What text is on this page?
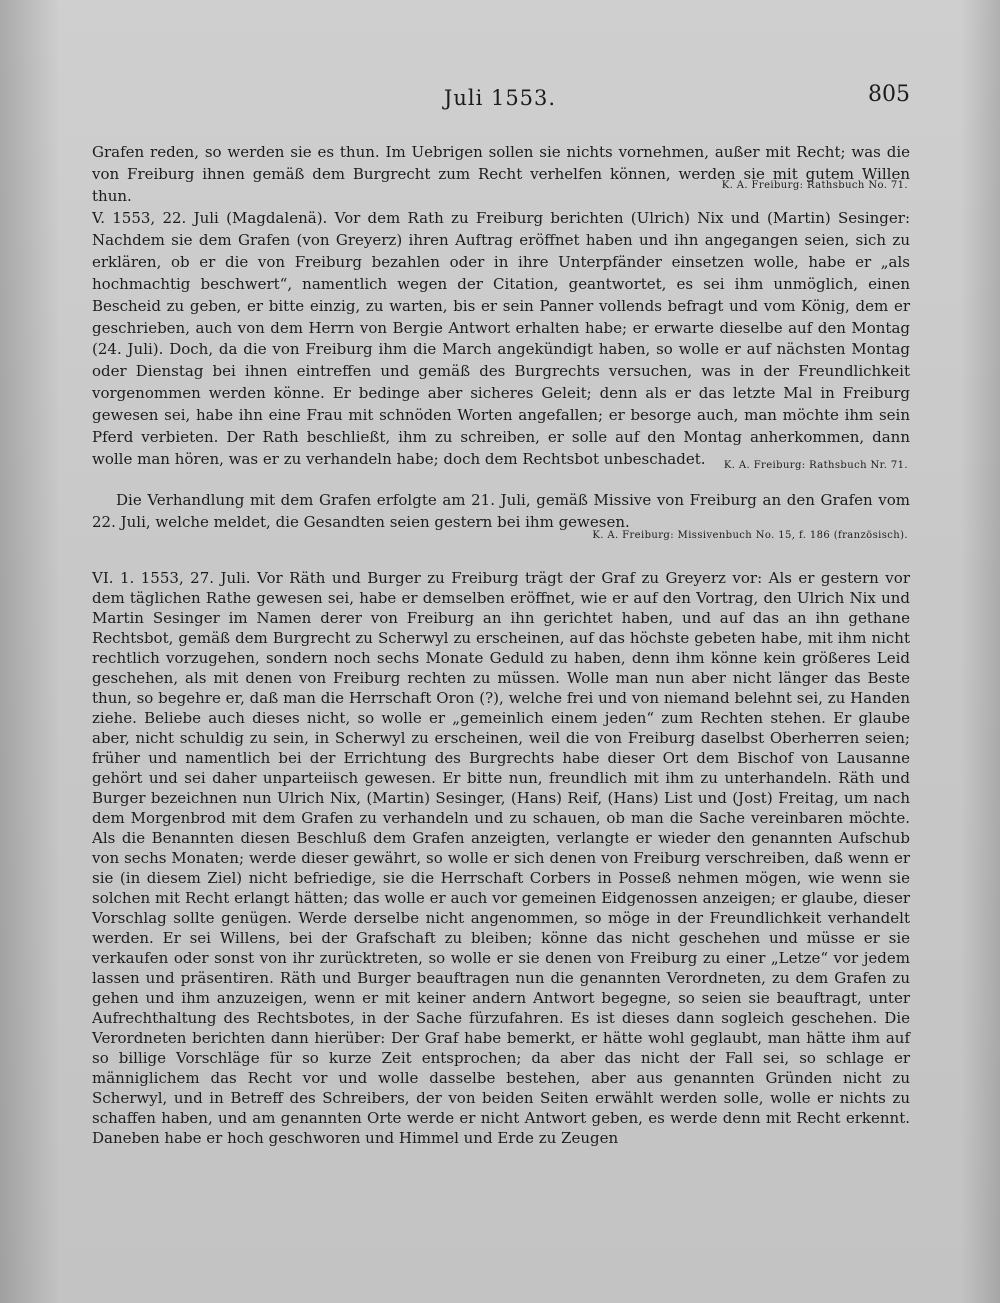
Juli 1553.	805

Grafen reden, so werden sie es thun. Im Uebrigen sollen sie nichts vornehmen, außer mit Recht; was die von Freiburg ihnen gemäß dem Burgrecht zum Recht verhelfen können, werden sie mit gutem Willen thun.

K. A. Freiburg: Rathsbuch No. 71.

V. 1553, 22. Juli (Magdalenä). Vor dem Rath zu Freiburg berichten (Ulrich) Nix und (Martin) Sesinger: Nachdem sie dem Grafen (von Greyerz) ihren Auftrag eröffnet haben und ihn angegangen seien, sich zu erklären, ob er die von Freiburg bezahlen oder in ihre Unterpfänder einsetzen wolle, habe er „als hochmachtig beschwert“, namentlich wegen der Citation, geantwortet, es sei ihm unmöglich, einen Bescheid zu geben, er bitte einzig, zu warten, bis er sein Panner vollends befragt und vom König, dem er geschrieben, auch von dem Herrn von Bergie Antwort erhalten habe; er erwarte dieselbe auf den Montag (24. Juli). Doch, da die von Freiburg ihm die March angekündigt haben, so wolle er auf nächsten Montag oder Dienstag bei ihnen eintreffen und gemäß des Burgrechts versuchen, was in der Freundlichkeit vorgenommen werden könne. Er bedinge aber sicheres Geleit; denn als er das letzte Mal in Freiburg gewesen sei, habe ihn eine Frau mit schnöden Worten angefallen; er besorge auch, man möchte ihm sein Pferd verbieten. Der Rath beschließt, ihm zu schreiben, er solle auf den Montag anherkommen, dann wolle man hören, was er zu verhandeln habe; doch dem Rechtsbot unbeschadet.	K. A. Freiburg: Rathsbuch Nr. 71.

Die Verhandlung mit dem Grafen erfolgte am 21. Juli, gemäß Missive von Freiburg an den Grafen vom 22. Juli, welche meldet, die Gesandten seien gestern bei ihm gewesen.

K. A. Freiburg: Missivenbuch No. 15, f. 186 (französisch).

VI. 1. 1553, 27. Juli. Vor Räth und Burger zu Freiburg trägt der Graf zu Greyerz vor: Als er gestern vor dem täglichen Rathe gewesen sei, habe er demselben eröffnet, wie er auf den Vortrag, den Ulrich Nix und Martin Sesinger im Namen derer von Freiburg an ihn gerichtet haben, und auf das an ihn gethane Rechtsbot, gemäß dem Burgrecht zu Scherwyl zu erscheinen, auf das höchste gebeten habe, mit ihm nicht rechtlich vorzugehen, sondern noch sechs Monate Geduld zu haben, denn ihm könne kein größeres Leid geschehen, als mit denen von Freiburg rechten zu müssen. Wolle man nun aber nicht länger das Beste thun, so begehre er, daß man die Herrschaft Oron (?), welche frei und von niemand belehnt sei, zu Handen ziehe. Beliebe auch dieses nicht, so wolle er „gemeinlich einem jeden“ zum Rechten stehen. Er glaube aber, nicht schuldig zu sein, in Scherwyl zu erscheinen, weil die von Freiburg daselbst Oberherren seien; früher und namentlich bei der Errichtung des Burgrechts habe dieser Ort dem Bischof von Lausanne gehört und sei daher unparteiisch gewesen. Er bitte nun, freundlich mit ihm zu unterhandeln. Räth und Burger bezeichnen nun Ulrich Nix, (Martin) Sesinger, (Hans) Reif, (Hans) List und (Jost) Freitag, um nach dem Morgenbrod mit dem Grafen zu verhandeln und zu schauen, ob man die Sache vereinbaren möchte. Als die Benannten diesen Beschluß dem Grafen anzeigten, verlangte er wieder den genannten Aufschub von sechs Monaten; werde dieser gewährt, so wolle er sich denen von Freiburg verschreiben, daß wenn er sie (in diesem Ziel) nicht befriedige, sie die Herrschaft Corbers in Posseß nehmen mögen, wie wenn sie solchen mit Recht erlangt hätten; das wolle er auch vor gemeinen Eidgenossen anzeigen; er glaube, dieser Vorschlag sollte genügen. Werde derselbe nicht angenommen, so möge in der Freundlichkeit verhandelt werden. Er sei Willens, bei der Grafschaft zu bleiben; könne das nicht geschehen und müsse er sie verkaufen oder sonst von ihr zurücktreten, so wolle er sie denen von Freiburg zu einer „Letze“ vor jedem lassen und präsentiren. Räth und Burger beauftragen nun die genannten Verordneten, zu dem Grafen zu gehen und ihm anzuzeigen, wenn er mit keiner andern Antwort begegne, so seien sie beauftragt, unter Aufrechthaltung des Rechtsbotes, in der Sache fürzufahren. Es ist dieses dann sogleich geschehen. Die Verordneten berichten dann hierüber: Der Graf habe bemerkt, er hätte wohl geglaubt, man hätte ihm auf so billige Vorschläge für so kurze Zeit entsprochen; da aber das nicht der Fall sei, so schlage er männiglichem das Recht vor und wolle dasselbe bestehen, aber aus genannten Gründen nicht zu Scherwyl, und in Betreff des Schreibers, der von beiden Seiten erwählt werden solle, wolle er nichts zu schaffen haben, und am genannten Orte werde er nicht Antwort geben, es werde denn mit Recht erkennt. Daneben habe er hoch geschworen und Himmel und Erde zu Zeugen
